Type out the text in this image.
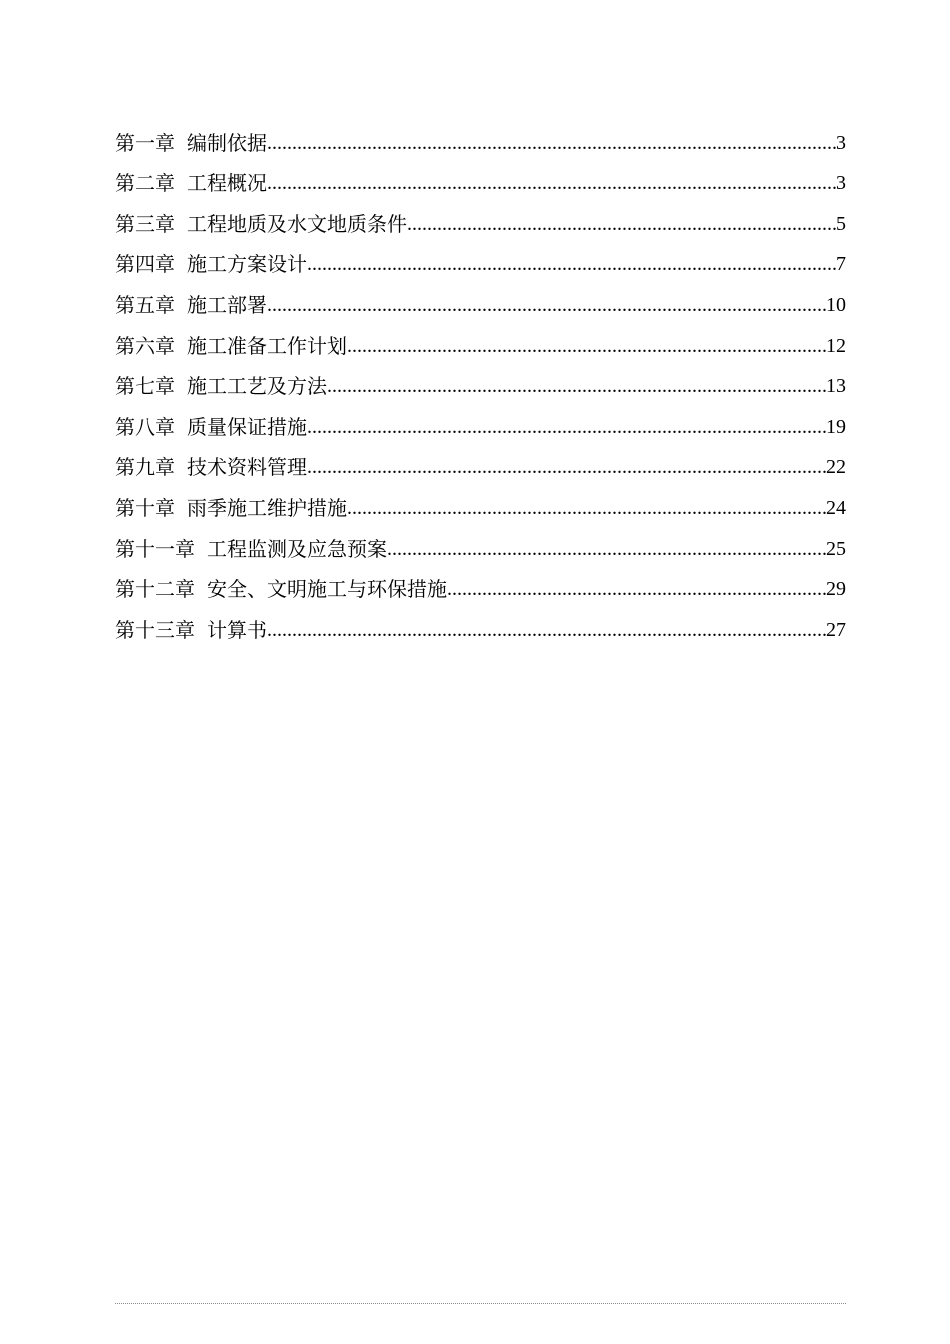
第一章 编制依据 .....	3
第二章 工程概况 .....	3
第三章 工程地质及水文地质条件 .....	5
第四章 施工方案设计 .....	7
第五章 施工部署 .....	10
第六章 施工准备工作计划 .....	12
第七章 施工工艺及方法 .....	13
第八章 质量保证措施 .....	19
第九章 技术资料管理 .....	22
第十章 雨季施工维护措施 .....	24
第十一章 工程监测及应急预案 .....	25
第十二章 安全、文明施工与环保措施 .....	29
第十三章 计算书 .....	27
